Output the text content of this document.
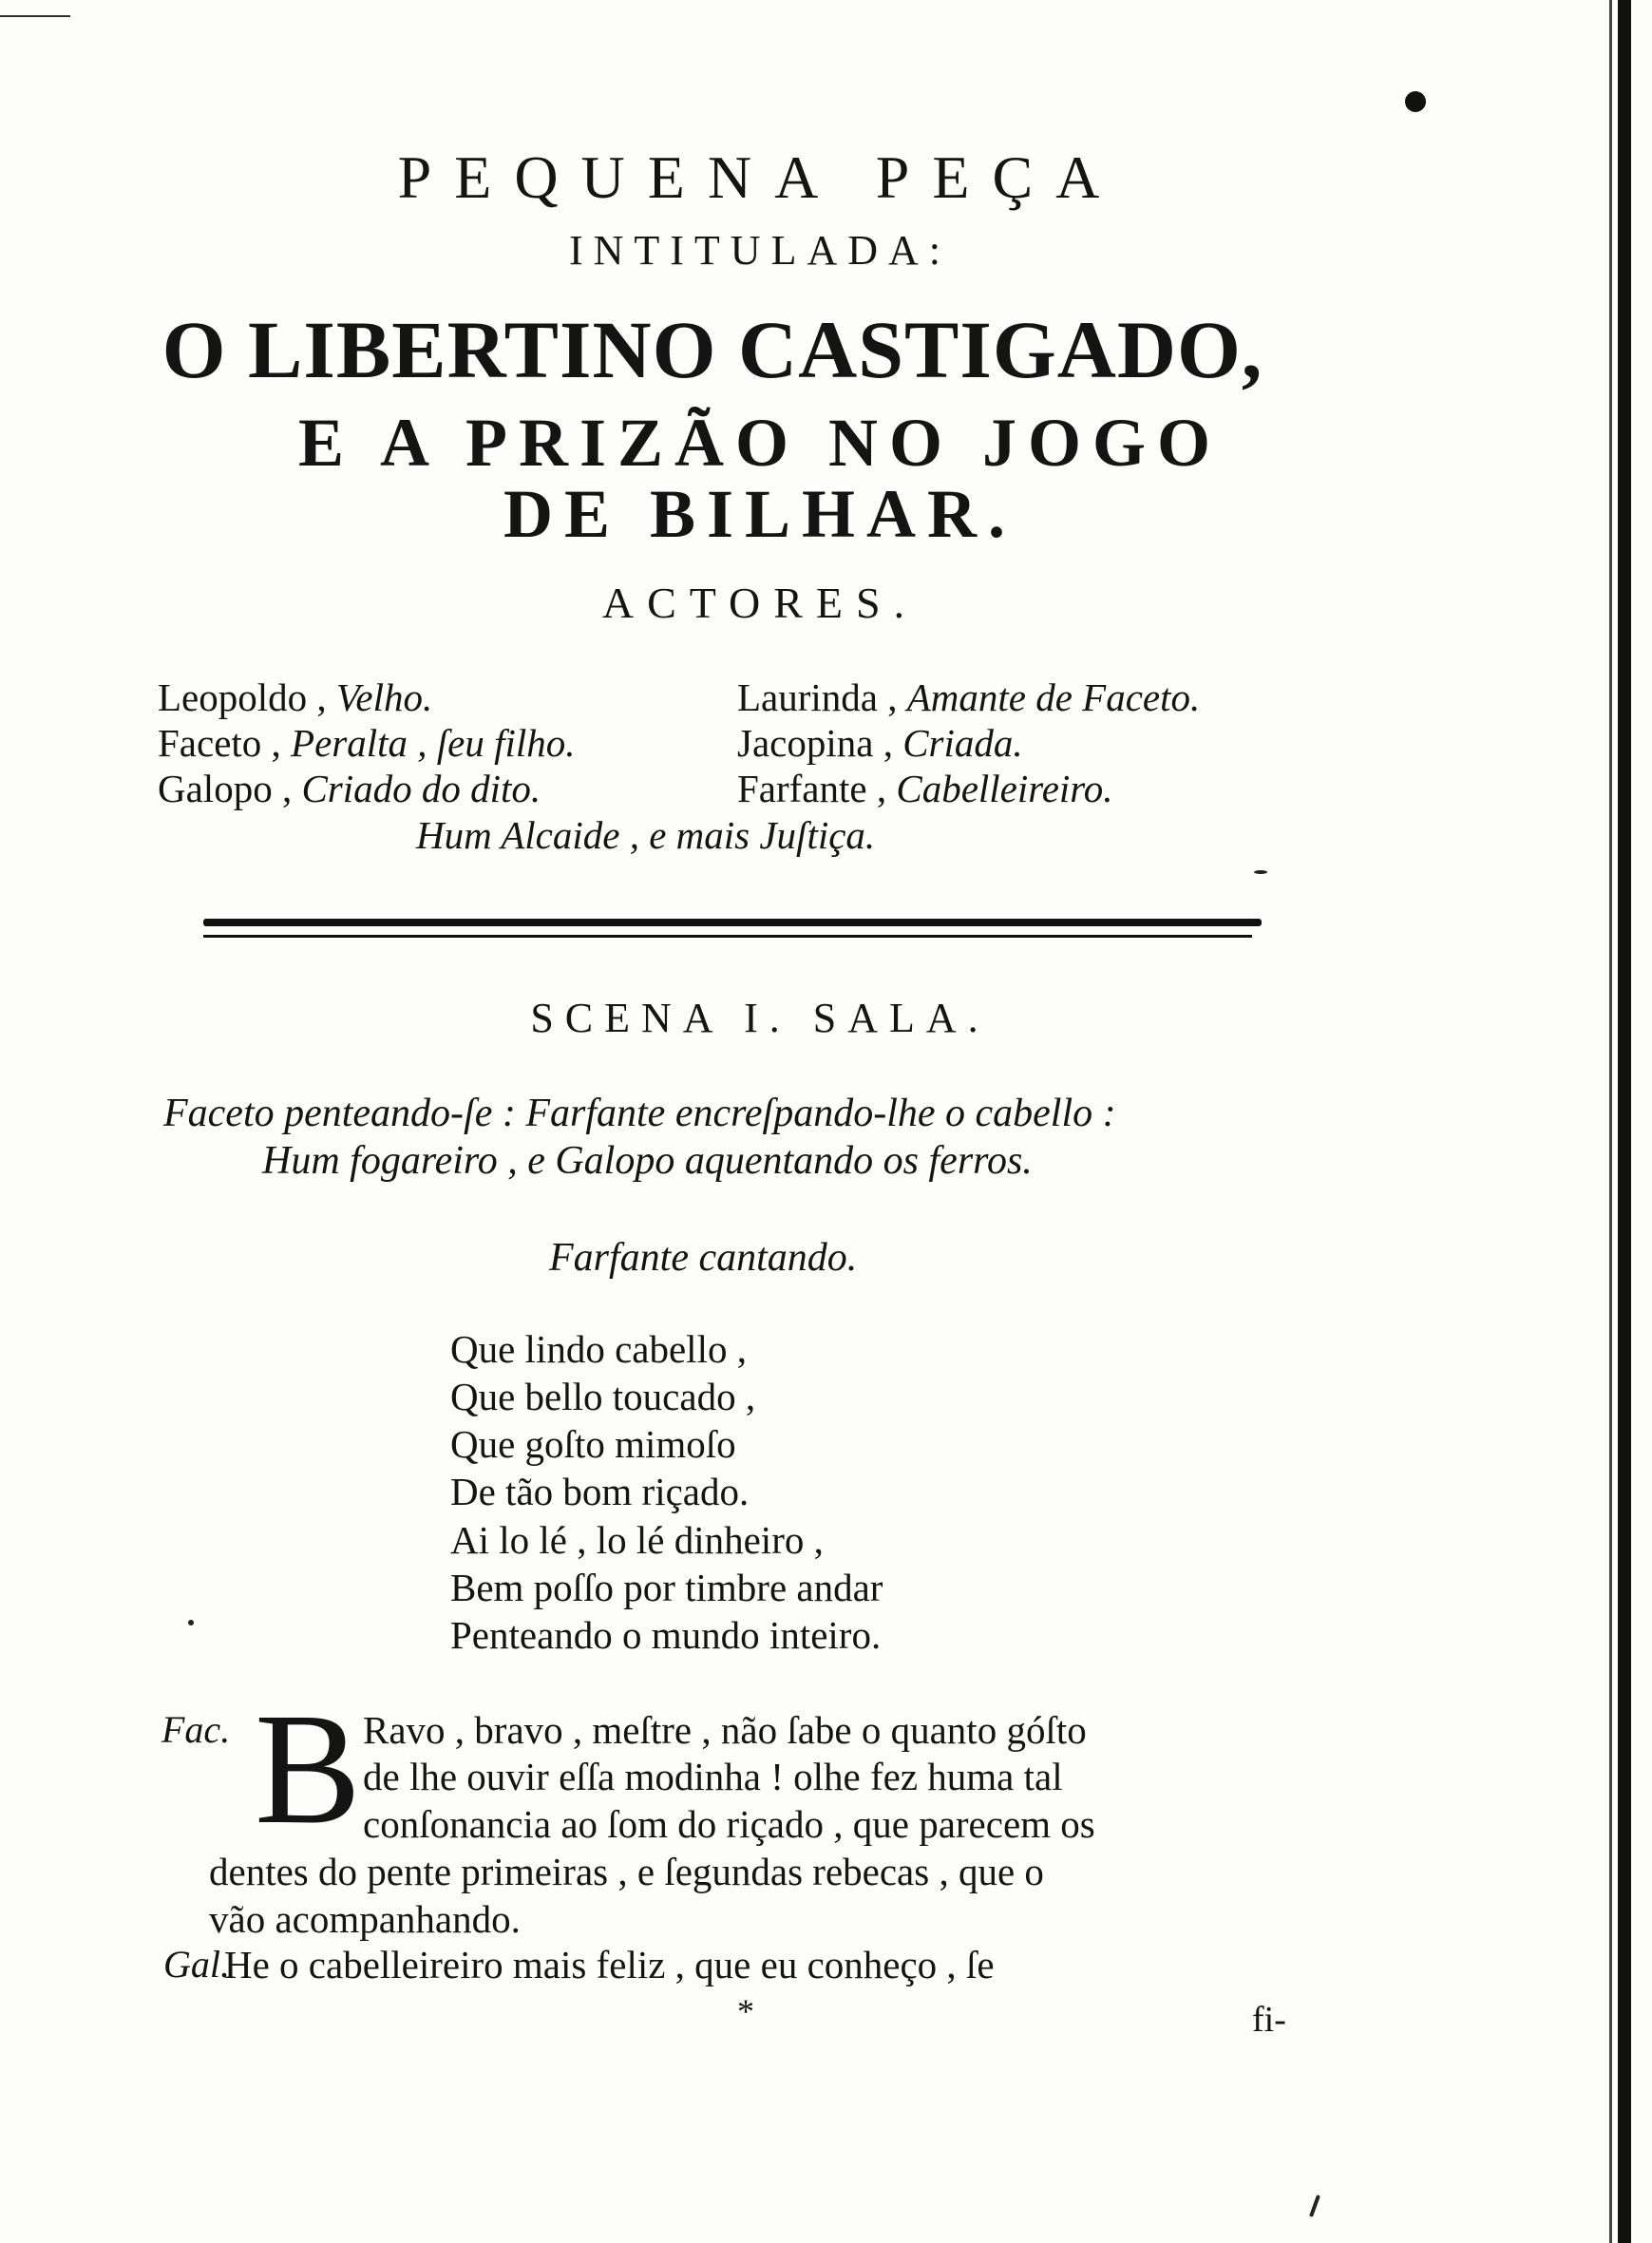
PEQUENA PEÇA
INTITULADA:
O LIBERTINO CASTIGADO,
E A PRIZÃO NO JOGO
DE BILHAR.
ACTORES.
Leopoldo , Velho.	Laurinda , Amante de Faceto.
Faceto , Peralta , ſeu filho.	Jacopina , Criada.
Galopo , Criado do dito.	Farfante , Cabelleireiro.
Hum Alcaide , e mais Juſtiça.
SCENA I. SALA.
Faceto penteando-ſe : Farfante encreſpando-lhe o cabello :
Hum fogareiro , e Galopo aquentando os ferros.
Farfante cantando.
Que lindo cabello ,
Que bello toucado ,
Que goſto mimoſo
De tão bom riçado.
Ai lo lé , lo lé dinheiro ,
Bem poſſo por timbre andar
Penteando o mundo inteiro.
Fac. B Ravo , bravo , meſtre , não ſabe o quanto góſto
de lhe ouvir eſſa modinha ! olhe fez huma tal
conſonancia ao ſom do riçado , que parecem os
dentes do pente primeiras , e ſegundas rebecas , que o
vão acompanhando.
Gal.
He o cabelleireiro mais feliz , que eu conheço , ſe
*	fi-
